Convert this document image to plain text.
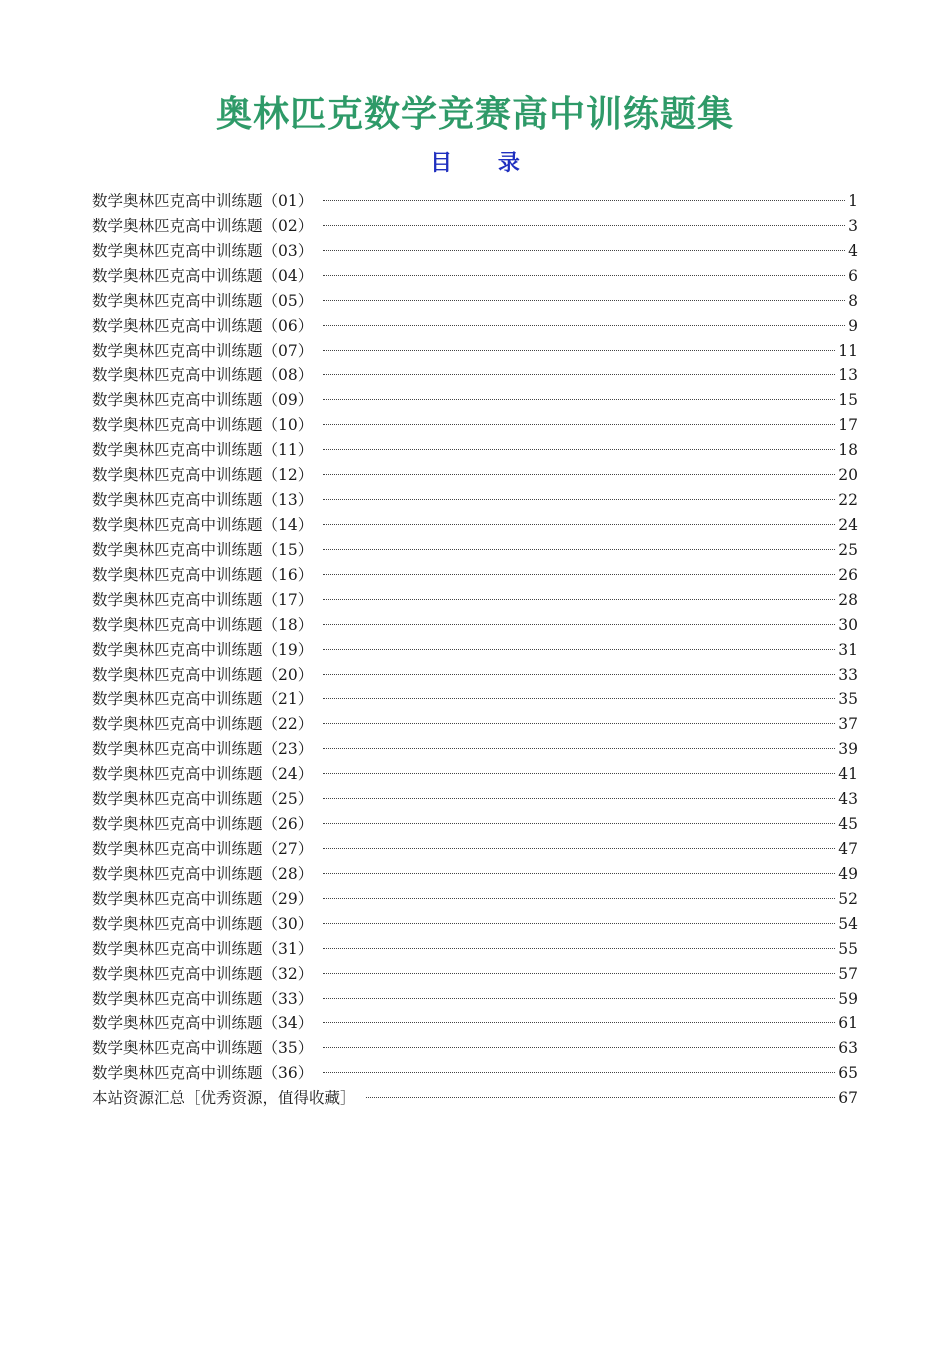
奥林匹克数学竞赛高中训练题集
目 录
数学奥林匹克高中训练题（01）	1
数学奥林匹克高中训练题（02）	3
数学奥林匹克高中训练题（03）	4
数学奥林匹克高中训练题（04）	6
数学奥林匹克高中训练题（05）	8
数学奥林匹克高中训练题（06）	9
数学奥林匹克高中训练题（07）	11
数学奥林匹克高中训练题（08）	13
数学奥林匹克高中训练题（09）	15
数学奥林匹克高中训练题（10）	17
数学奥林匹克高中训练题（11）	18
数学奥林匹克高中训练题（12）	20
数学奥林匹克高中训练题（13）	22
数学奥林匹克高中训练题（14）	24
数学奥林匹克高中训练题（15）	25
数学奥林匹克高中训练题（16）	26
数学奥林匹克高中训练题（17）	28
数学奥林匹克高中训练题（18）	30
数学奥林匹克高中训练题（19）	31
数学奥林匹克高中训练题（20）	33
数学奥林匹克高中训练题（21）	35
数学奥林匹克高中训练题（22）	37
数学奥林匹克高中训练题（23）	39
数学奥林匹克高中训练题（24）	41
数学奥林匹克高中训练题（25）	43
数学奥林匹克高中训练题（26）	45
数学奥林匹克高中训练题（27）	47
数学奥林匹克高中训练题（28）	49
数学奥林匹克高中训练题（29）	52
数学奥林匹克高中训练题（30）	54
数学奥林匹克高中训练题（31）	55
数学奥林匹克高中训练题（32）	57
数学奥林匹克高中训练题（33）	59
数学奥林匹克高中训练题（34）	61
数学奥林匹克高中训练题（35）	63
数学奥林匹克高中训练题（36）	65
本站资源汇总［优秀资源，值得收藏］	67
